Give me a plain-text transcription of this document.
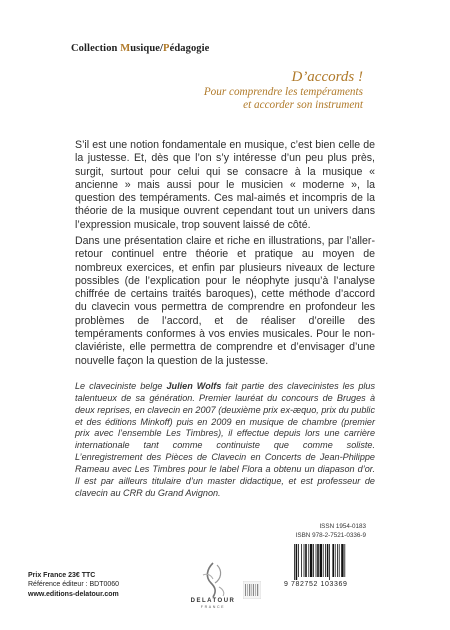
Collection Musique/Pédagogie
D’accords !
Pour comprendre les tempéraments
et accorder son instrument

S’il est une notion fondamentale en musique, c’est bien celle de la justesse. Et, dès que l’on s’y intéresse d’un peu plus près, surgit, surtout pour celui qui se consacre à la musique « ancienne » mais aussi pour le musicien « moderne », la question des tempéraments. Ces mal-aimés et incompris de la théorie de la musique ouvrent cependant tout un univers dans l’expression musicale, trop souvent laissé de côté.

Dans une présentation claire et riche en illustrations, par l’aller-retour continuel entre théorie et pratique au moyen de nombreux exercices, et enfin par plusieurs niveaux de lecture possibles (de l’explication pour le néophyte jusqu’à l’analyse chiffrée de certains traités baroques), cette méthode d’accord du clavecin vous permettra de comprendre en profondeur les problèmes de l’accord, et de réaliser d’oreille des tempéraments conformes à vos envies musicales. Pour le non-claviériste, elle permettra de comprendre et d’envisager d’une nouvelle façon la question de la justesse.

Le claveciniste belge Julien Wolfs fait partie des clavecinistes les plus talentueux de sa génération. Premier lauréat du concours de Bruges à deux reprises, en clavecin en 2007 (deuxième prix ex-æquo, prix du public et des éditions Minkoff) puis en 2009 en musique de chambre (premier prix avec l’ensemble Les Timbres), il effectue depuis lors une carrière internationale tant comme continuiste que comme soliste. L’enregistrement des Pièces de Clavecin en Concerts de Jean-Philippe Rameau avec Les Timbres pour le label Flora a obtenu un diapason d’or. Il est par ailleurs titulaire d’un master didactique, et est professeur de clavecin au CRR du Grand Avignon.

ISSN 1954-0183
ISBN 978-2-7521-0336-9
9 782752 103369
Prix France 23€ TTC
Référence éditeur : BDT0060
www.editions-delatour.com
DELATOUR
FRANCE
